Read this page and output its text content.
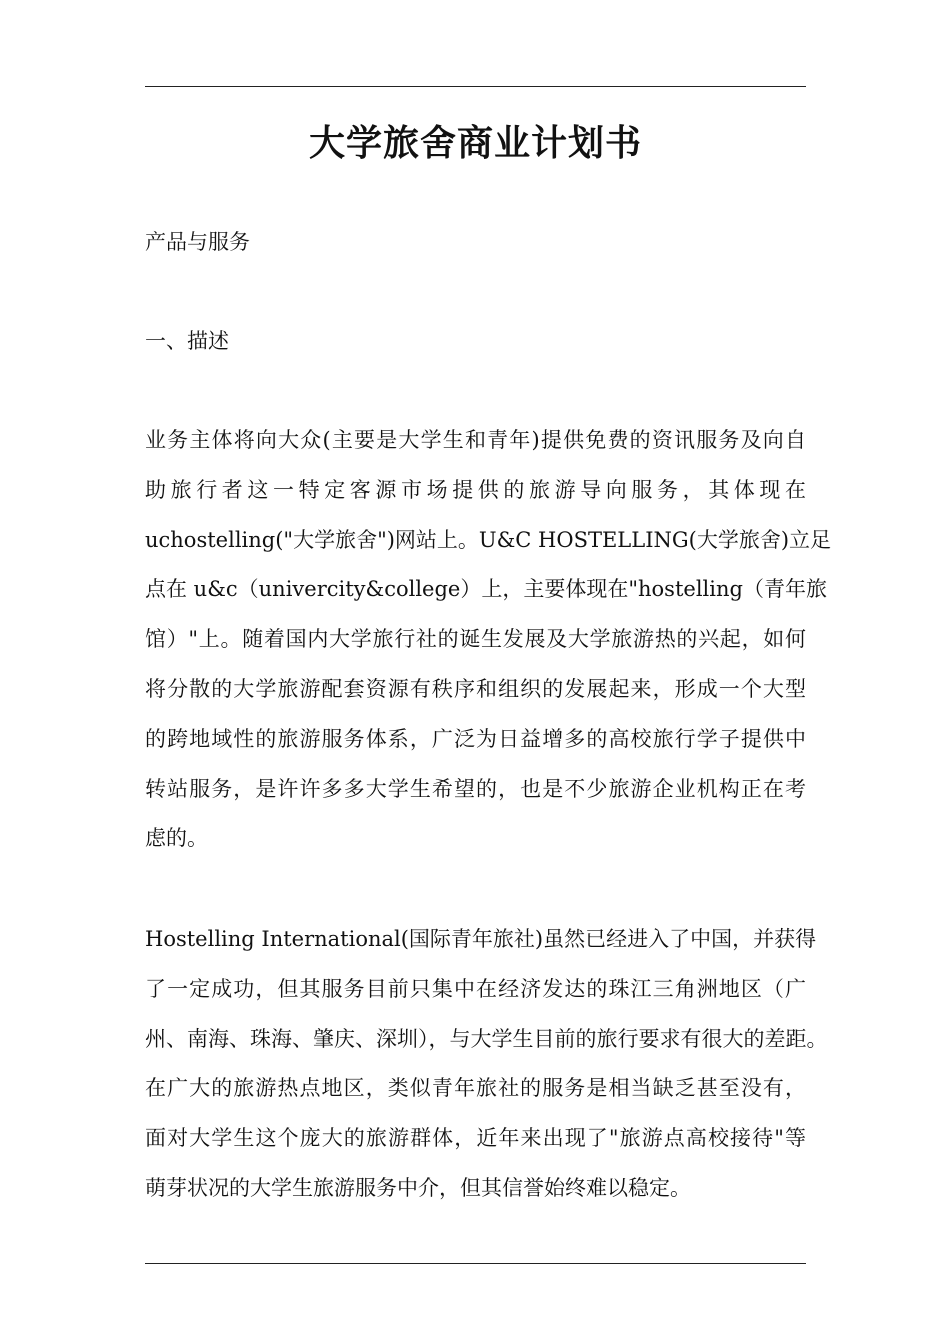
大学旅舍商业计划书

产品与服务

一、描述

业务主体将向大众(主要是大学生和青年)提供免费的资讯服务及向自
助旅行者这一特定客源市场提供的旅游导向服务，其体现在
uchostelling("大学旅舍")网站上。U&C HOSTELLING(大学旅舍)立足
点在 u&c（univercity&college）上，主要体现在"hostelling（青年旅
馆）"上。随着国内大学旅行社的诞生发展及大学旅游热的兴起，如何
将分散的大学旅游配套资源有秩序和组织的发展起来，形成一个大型
的跨地域性的旅游服务体系，广泛为日益增多的高校旅行学子提供中
转站服务，是许许多多大学生希望的，也是不少旅游企业机构正在考
虑的。
Hostelling International(国际青年旅社)虽然已经进入了中国，并获得
了一定成功，但其服务目前只集中在经济发达的珠江三角洲地区（广
州、南海、珠海、肇庆、深圳），与大学生目前的旅行要求有很大的差距。
在广大的旅游热点地区，类似青年旅社的服务是相当缺乏甚至没有，
面对大学生这个庞大的旅游群体，近年来出现了"旅游点高校接待"等
萌芽状况的大学生旅游服务中介，但其信誉始终难以稳定。
